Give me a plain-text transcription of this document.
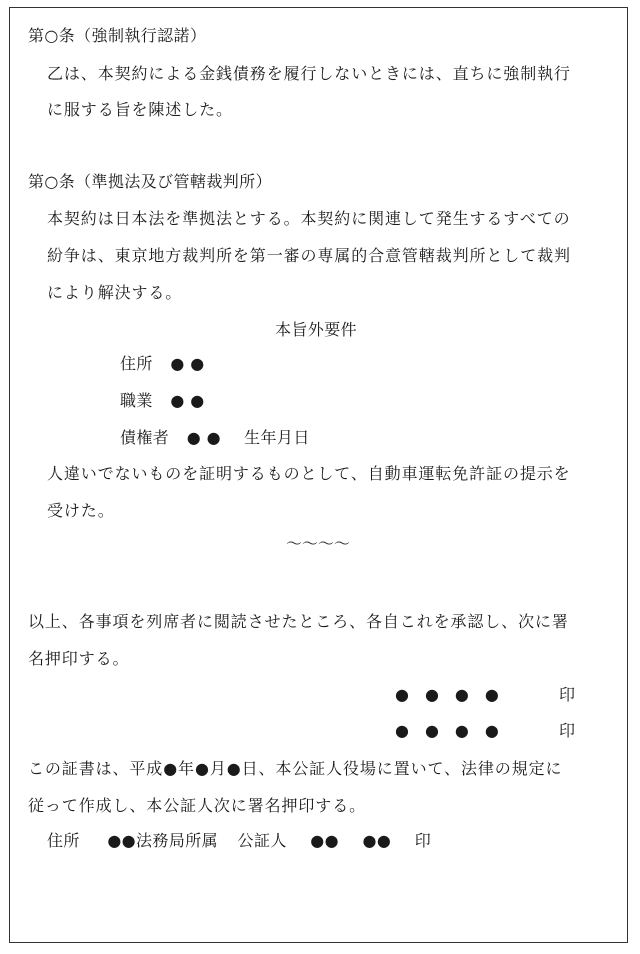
第○条（強制執行認諾）
乙は、本契約による金銭債務を履行しないときには、直ちに強制執行
に服する旨を陳述した。
第○条（準拠法及び管轄裁判所）
本契約は日本法を準拠法とする。本契約に関連して発生するすべての
紛争は、東京地方裁判所を第一審の専属的合意管轄裁判所として裁判
により解決する。
本旨外要件
住所 ●●
職業 ●●
債権者 ●● 生年月日
人違いでないものを証明するものとして、自動車運転免許証の提示を
受けた。
〜〜〜〜
以上、各事項を列席者に閲読させたところ、各自これを承認し、次に署
名押印する。
●●●●	印
●●●●	印
この証書は、平成●年●月●日、本公証人役場に置いて、法律の規定に
従って作成し、本公証人次に署名押印する。
住所 ●●法務局所属 公証人 ●● ●● 印
